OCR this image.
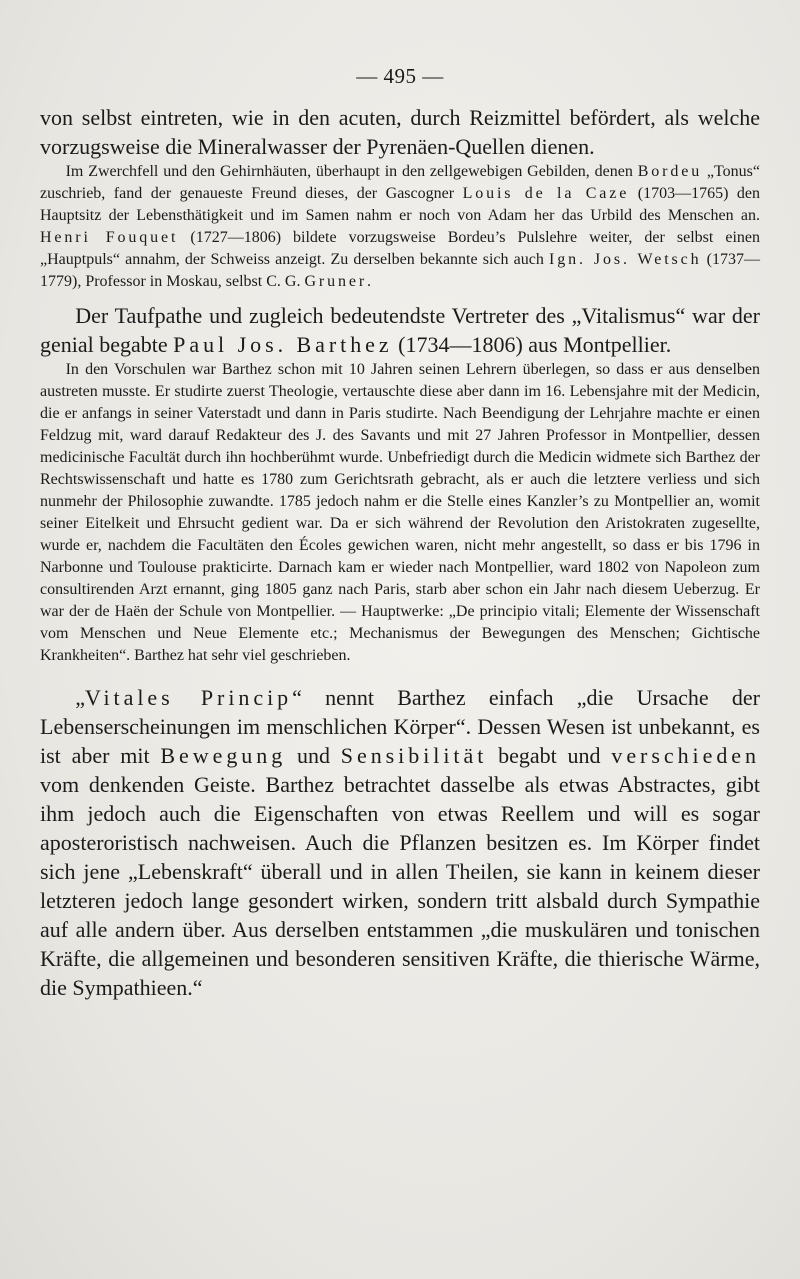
— 495 —

von selbst eintreten, wie in den acuten, durch Reizmittel befördert, als welche vorzugsweise die Mineralwasser der Pyrenäen-Quellen dienen.

Im Zwerchfell und den Gehirnhäuten, überhaupt in den zellgewebigen Gebilden, denen Bordeu „Tonus“ zuschrieb, fand der genaueste Freund dieses, der Gascogner Louis de la Caze (1703—1765) den Hauptsitz der Lebensthätigkeit und im Samen nahm er noch von Adam her das Urbild des Menschen an. Henri Fouquet (1727—1806) bildete vorzugsweise Bordeu’s Pulslehre weiter, der selbst einen „Hauptpuls“ annahm, der Schweiss anzeigt. Zu derselben bekannte sich auch Ign. Jos. Wetsch (1737—1779), Professor in Moskau, selbst C. G. Gruner.

Der Taufpathe und zugleich bedeutendste Vertreter des „Vitalismus“ war der genial begabte Paul Jos. Barthez (1734—1806) aus Montpellier.

In den Vorschulen war Barthez schon mit 10 Jahren seinen Lehrern überlegen, so dass er aus denselben austreten musste. Er studirte zuerst Theologie, vertauschte diese aber dann im 16. Lebensjahre mit der Medicin, die er anfangs in seiner Vaterstadt und dann in Paris studirte. Nach Beendigung der Lehrjahre machte er einen Feldzug mit, ward darauf Redakteur des J. des Savants und mit 27 Jahren Professor in Montpellier, dessen medicinische Facultät durch ihn hochberühmt wurde. Unbefriedigt durch die Medicin widmete sich Barthez der Rechtswissenschaft und hatte es 1780 zum Gerichtsrath gebracht, als er auch die letztere verliess und sich nunmehr der Philosophie zuwandte. 1785 jedoch nahm er die Stelle eines Kanzler’s zu Montpellier an, womit seiner Eitelkeit und Ehrsucht gedient war. Da er sich während der Revolution den Aristokraten zugesellte, wurde er, nachdem die Facultäten den Écoles gewichen waren, nicht mehr angestellt, so dass er bis 1796 in Narbonne und Toulouse prakticirte. Darnach kam er wieder nach Montpellier, ward 1802 von Napoleon zum consultirenden Arzt ernannt, ging 1805 ganz nach Paris, starb aber schon ein Jahr nach diesem Ueberzug. Er war der de Haën der Schule von Montpellier. — Hauptwerke: „De principio vitali; Elemente der Wissenschaft vom Menschen und Neue Elemente etc.; Mechanismus der Bewegungen des Menschen; Gichtische Krankheiten“. Barthez hat sehr viel geschrieben.

„Vitales Princip“ nennt Barthez einfach „die Ursache der Lebenserscheinungen im menschlichen Körper“. Dessen Wesen ist unbekannt, es ist aber mit Bewegung und Sensibilität begabt und verschieden vom denkenden Geiste. Barthez betrachtet dasselbe als etwas Abstractes, gibt ihm jedoch auch die Eigenschaften von etwas Reellem und will es sogar aposteroristisch nachweisen. Auch die Pflanzen besitzen es. Im Körper findet sich jene „Lebenskraft“ überall und in allen Theilen, sie kann in keinem dieser letzteren jedoch lange gesondert wirken, sondern tritt alsbald durch Sympathie auf alle andern über. Aus derselben entstammen „die muskulären und tonischen Kräfte, die allgemeinen und besonderen sensitiven Kräfte, die thierische Wärme, die Sympathieen.“
